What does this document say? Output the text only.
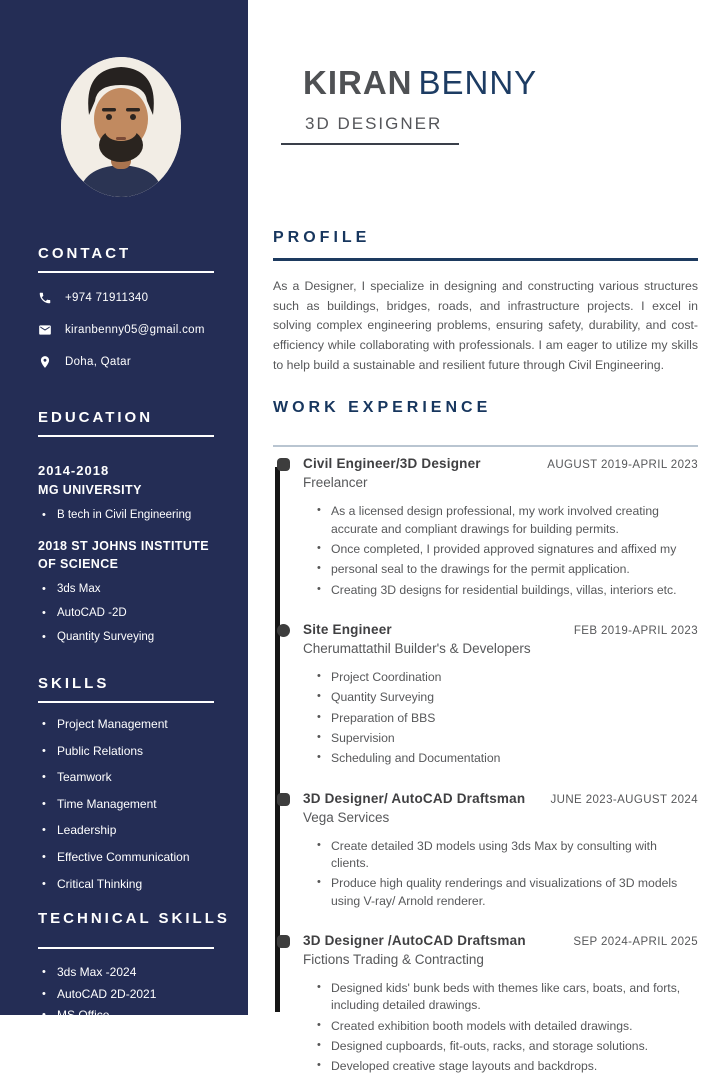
CONTACT
+974 71911340
kiranbenny05@gmail.com
Doha, Qatar
EDUCATION
2014-2018
MG UNIVERSITY
• B tech in Civil Engineering
2018 ST JOHNS INSTITUTE OF SCIENCE
• 3ds Max
• AutoCAD -2D
• Quantity Surveying
SKILLS
• Project Management
• Public Relations
• Teamwork
• Time Management
• Leadership
• Effective Communication
• Critical Thinking
TECHNICAL SKILLS
• 3ds Max -2024
• AutoCAD 2D-2021
• MS Office
• STAAD PRO V8i
• TA of stocks & cryptocurrencies
KIRAN BENNY
3D DESIGNER
PROFILE

As a Designer, I specialize in designing and constructing various structures such as buildings, bridges, roads, and infrastructure projects. I excel in solving complex engineering problems, ensuring safety, durability, and cost-efficiency while collaborating with professionals. I am eager to utilize my skills to help build a sustainable and resilient future through Civil Engineering.

WORK EXPERIENCE
Civil Engineer/3D Designer	AUGUST 2019-APRIL 2023
Freelancer
• As a licensed design professional, my work involved creating accurate and compliant drawings for building permits.
• Once completed, I provided approved signatures and affixed my
• personal seal to the drawings for the permit application.
• Creating 3D designs for residential buildings, villas, interiors etc.
Site Engineer	FEB 2019-APRIL 2023
Cherumattathil Builder's & Developers
• Project Coordination
• Quantity Surveying
• Preparation of BBS
• Supervision
• Scheduling and Documentation
3D Designer/ AutoCAD Draftsman JUNE 2023-AUGUST 2024
Vega Services
• Create detailed 3D models using 3ds Max by consulting with clients.
• Produce high quality renderings and visualizations of 3D models using V-ray/ Arnold renderer.
3D Designer /AutoCAD Draftsman	SEP 2024-APRIL 2025
Fictions Trading & Contracting
• Designed kids' bunk beds with themes like cars, boats, and forts, including detailed drawings.
• Created exhibition booth models with detailed drawings.
• Designed cupboards, fit-outs, racks, and storage solutions.
• Developed creative stage layouts and backdrops.
